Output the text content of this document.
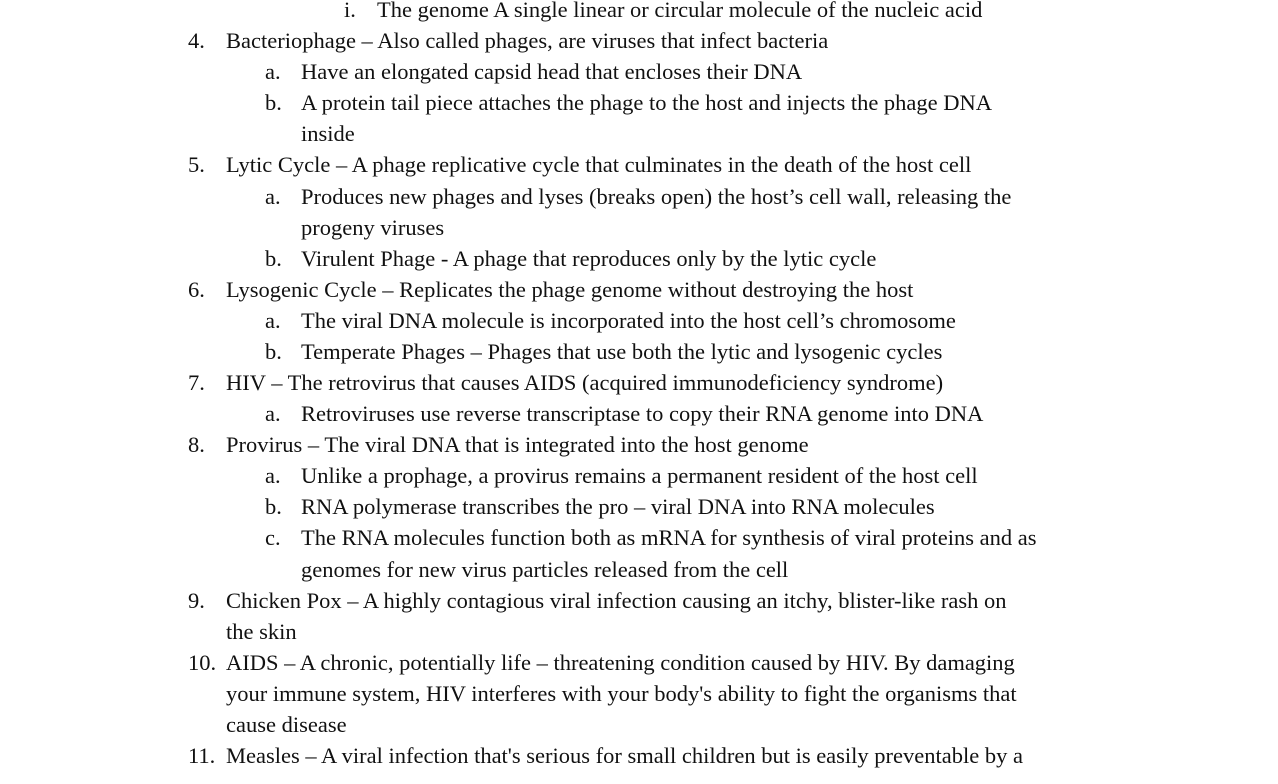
i. The genome A single linear or circular molecule of the nucleic acid
4. Bacteriophage – Also called phages, are viruses that infect bacteria
a. Have an elongated capsid head that encloses their DNA
b. A protein tail piece attaches the phage to the host and injects the phage DNA
inside
5. Lytic Cycle – A phage replicative cycle that culminates in the death of the host cell
a. Produces new phages and lyses (breaks open) the host’s cell wall, releasing the
progeny viruses
b. Virulent Phage - A phage that reproduces only by the lytic cycle
6. Lysogenic Cycle – Replicates the phage genome without destroying the host
a. The viral DNA molecule is incorporated into the host cell’s chromosome
b. Temperate Phages – Phages that use both the lytic and lysogenic cycles
7. HIV – The retrovirus that causes AIDS (acquired immunodeficiency syndrome)
a. Retroviruses use reverse transcriptase to copy their RNA genome into DNA
8. Provirus – The viral DNA that is integrated into the host genome
a. Unlike a prophage, a provirus remains a permanent resident of the host cell
b. RNA polymerase transcribes the pro – viral DNA into RNA molecules
c. The RNA molecules function both as mRNA for synthesis of viral proteins and as
genomes for new virus particles released from the cell
9. Chicken Pox – A highly contagious viral infection causing an itchy, blister-like rash on
the skin
10. AIDS – A chronic, potentially life – threatening condition caused by HIV. By damaging
your immune system, HIV interferes with your body's ability to fight the organisms that
cause disease
11. Measles – A viral infection that's serious for small children but is easily preventable by a
